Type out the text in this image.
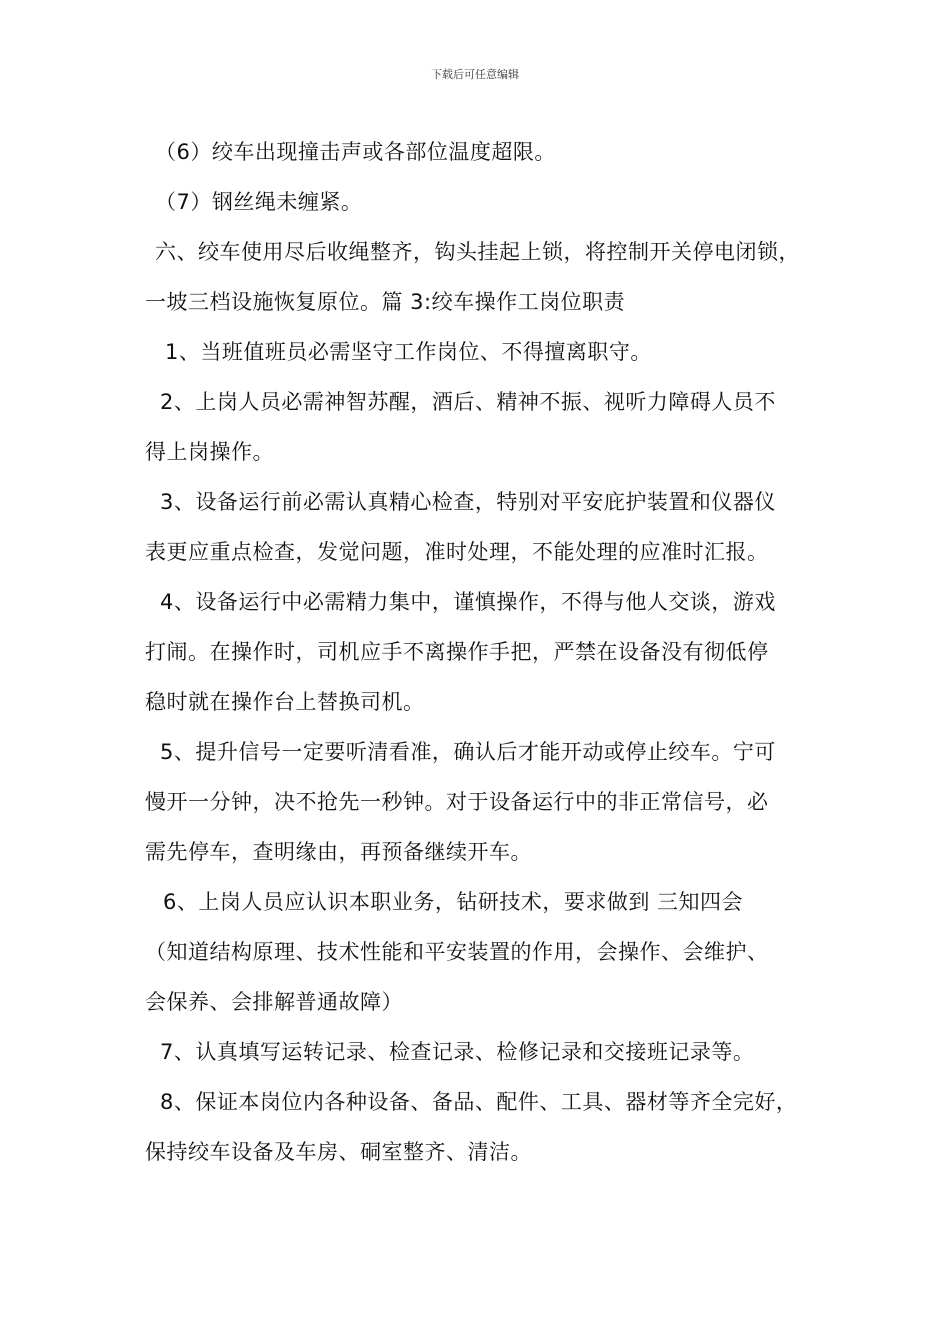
下载后可任意编辑
（6）绞车出现撞击声或各部位温度超限。
（7）钢丝绳未缠紧。
六、绞车使用尽后收绳整齐，钩头挂起上锁，将控制开关停电闭锁，
一坡三档设施恢复原位。篇 3:绞车操作工岗位职责
1、当班值班员必需坚守工作岗位、不得擅离职守。
2、上岗人员必需神智苏醒，酒后、精神不振、视听力障碍人员不
得上岗操作。
3、设备运行前必需认真精心检查，特别对平安庇护装置和仪器仪
表更应重点检查，发觉问题，准时处理，不能处理的应准时汇报。
4、设备运行中必需精力集中，谨慎操作，不得与他人交谈，游戏
打闹。在操作时，司机应手不离操作手把，严禁在设备没有彻低停
稳时就在操作台上替换司机。
5、提升信号一定要听清看准，确认后才能开动或停止绞车。宁可
慢开一分钟，决不抢先一秒钟。对于设备运行中的非正常信号，必
需先停车，查明缘由，再预备继续开车。
6、上岗人员应认识本职业务，钻研技术，要求做到 三知四会
（知道结构原理、技术性能和平安装置的作用，会操作、会维护、
会保养、会排解普通故障）
7、认真填写运转记录、检查记录、检修记录和交接班记录等。
8、保证本岗位内各种设备、备品、配件、工具、器材等齐全完好，
保持绞车设备及车房、硐室整齐、清洁。
